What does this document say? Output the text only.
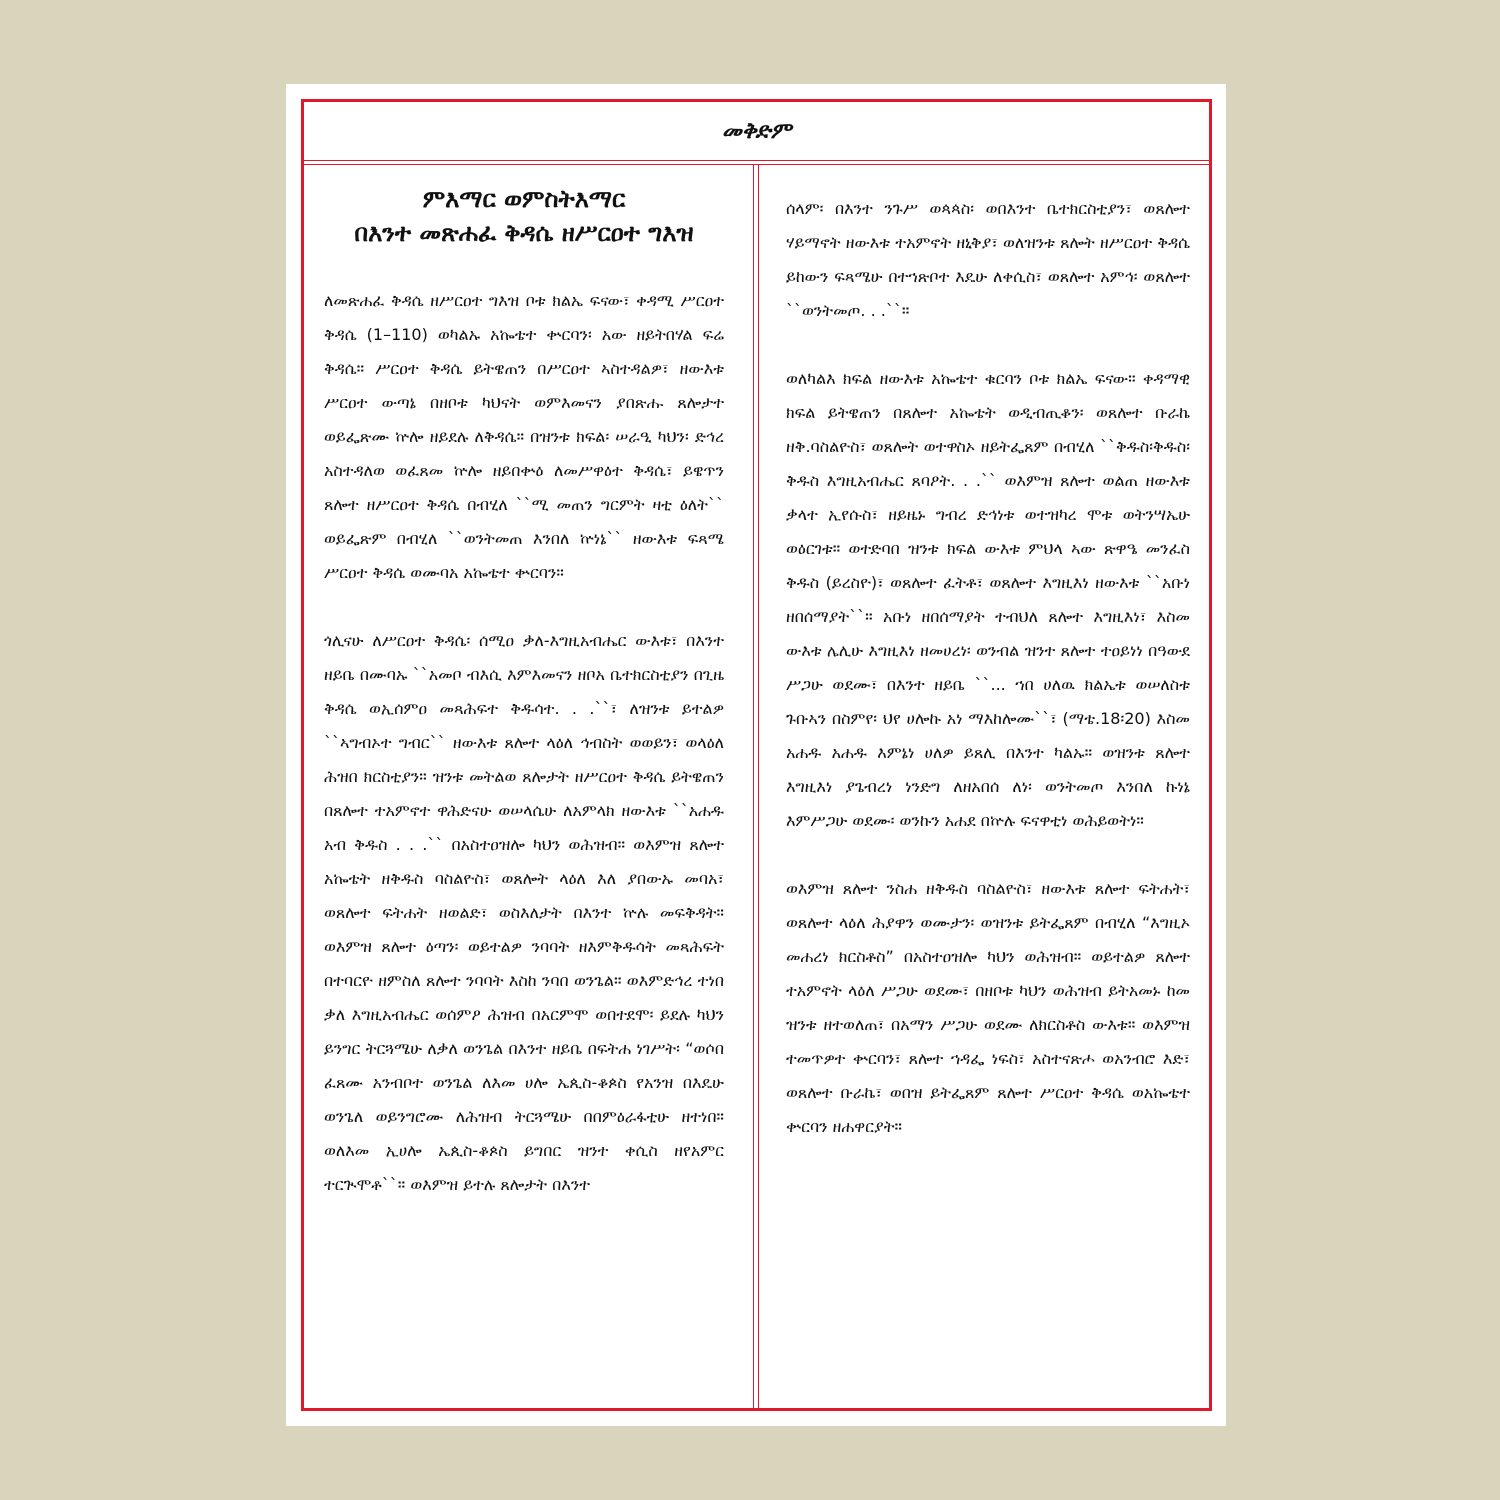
መቅድም
ምእማር ወምስትእማር
በእንተ መጽሐፈ ቅዳሴ ዘሥርዐተ ግእዝ

ለመጽሐፈ ቅዳሴ ዘሥርዐተ ግእዝ ቦቱ ክልኤ ፍናው፣ ቀዳሚ ሥርዐተ ቅዳሴ (1–110) ወካልኡ አኰቴተ ቍርባን፡ አው ዘይትበሃል ፍሬ ቅዳሴ። ሥርዐተ ቅዳሴ ይትዌጠን በሥርዐተ ኣስተዳልዎ፣ ዘውእቱ ሥርዐተ ውጣኔ በዘቦቱ ካህናት ወምእመናን ያበጽሑ ጸሎታተ ወይፌጽሙ ኵሎ ዘይደሉ ለቅዳሴ። በዝንቱ ክፍል፡ ሠራዒ ካህን፡ ድኅረ አስተዳለወ ወፈጸመ ኵሎ ዘይበቍዕ ለመሥዋዕተ ቅዳሴ፣ ይዌጥን ጸሎተ ዘሥርዐተ ቅዳሴ በብሂለ ``ሚ መጠን ግርምት ዛቲ ዕለት`` ወይፌጽም በብሂለ ``ወንትመጠ እንበለ ኵነኔ`` ዘውእቱ ፍጻሜ ሥርዐተ ቅዳሴ ወሙባአ አኰቴተ ቍርባን።

ጎሊናሁ ለሥርዐተ ቅዳሴ፡ ሰሚዐ ቃለ-እግዚአብሔር ውእቱ፣ በእንተ ዘይቤ በሙባኡ ``አመቦ ብእሲ እምእመናን ዘቦአ ቤተክርስቲያን በጊዜ ቅዳሴ ወኢሰምዐ መጻሕፍተ ቅዱሳተ. . .``፣ ለዝንቱ ይተልዎ ``ኣግብኦተ ግብር`` ዘውእቱ ጸሎተ ላዕለ ኅብስት ወወይን፣ ወላዕለ ሕዝበ ክርስቲያን። ዝንቱ መትልወ ጸሎታት ዘሥርዐተ ቅዳሴ ይትዌጠን በጸሎተ ተአምኖተ ዋሕድናሁ ወሠላሴሁ ለአምላክ ዘውእቱ ``አሐዱ አብ ቅዱስ . . .`` በአስተዐዝሎ ካህን ወሕዝብ። ወእምዝ ጸሎተ አኰቴት ዘቅዱስ ባስልዮስ፣ ወጸሎት ላዕለ እለ ያበውኡ መባአ፣ ወጸሎተ ፍትሐት ዘወልድ፣ ወስእለታት በእንተ ኵሉ መፍቅዳት። ወእምዝ ጸሎተ ዕጣን፡ ወይተልዎ ንባባት ዘእምቅዱሳት መጻሕፍት በተባርዮ ዘምስለ ጸሎተ ንባባት እስከ ንባበ ወንጌል። ወእምድኅረ ተነበ ቃለ እግዚአብሔር ወሰምዖ ሕዝብ በአርምሞ ወበተደሞ፡ ይደሉ ካህን ይንግር ትርጓሜሁ ለቃለ ወንጌል በእንተ ዘይቤ በፍትሐ ነገሥት፡ “ወሶበ ፈጸሙ አንብቦተ ወንጌል ለእመ ሀሎ ኤጲስ-ቆጶስ የአንዝ በእዴሁ ወንጌለ ወይንግሮሙ ለሕዝብ ትርጓሜሁ በበምዕራፋቲሁ ዘተነበ። ወለእመ ኢሀሎ ኤጲስ-ቆጶስ ይግበር ዝንተ ቀሲስ ዘየአምር ተርጒሞቶ``። ወእምዝ ይተሉ ጸሎታት በእንተ

ሰላም፡ በእንተ ንጉሥ ወጳጳስ፡ ወበእንተ ቤተክርስቲያን፣ ወጸሎተ ሃይማኖት ዘውእቱ ተአምኖት ዘኒቅያ፣ ወለዝንቱ ጸሎት ዘሥርዐተ ቅዳሴ ይከውን ፍጻሜሁ በተኀጽቦተ እዴሁ ለቀሲስ፣ ወጸሎተ አምኅ፡ ወጸሎተ ``ወንትመጦ. . .``።

ወለካልእ ክፍል ዘውእቱ አኰቴተ ቁርባን ቦቱ ክልኤ ፍናው። ቀዳማዊ ክፍል ይትዌጠን በጸሎተ አኰቴት ወዲብጢቆን፡ ወጸሎተ ቡራኬ ዘቅ.ባስልዮስ፣ ወጸሎት ወተዋስኦ ዘይትፌጸም በብሂለ ``ቅዱስ፡ቅዱስ፡ ቅዱስ እግዚአብሔር ጸባዖት. . .`` ወእምዝ ጸሎተ ወልጠ ዘውእቱ ቃላተ ኢየሱስ፣ ዘይዜኑ ግብረ ድኅነቱ ወተዝካረ ሞቱ ወትንሣኤሁ ወዕርገቱ። ወተድባበ ዝንቱ ክፍል ውእቱ ምህላ ኣው ጽዋዔ መንፈስ ቅዱስ (ይረስዮ)፣ ወጸሎተ ፈትቶ፣ ወጸሎተ እግዚእነ ዘውእቱ ``አቡነ ዘበሰማያት``። አቡነ ዘበሰማያት ተብህለ ጸሎተ እግዚእነ፣ እስመ ውእቱ ሌሊሁ እግዚእነ ዘመሀረነ፡ ወንብል ዝንተ ጸሎተ ተዐይነነ በዓውደ ሥጋሁ ወደሙ፣ በእንተ ዘይቤ ``... ኀበ ሀለዉ ክልኤቱ ወሠለስቱ ጉቡኣን በስምየ፡ ህየ ሀሎኩ አነ ማእከሎሙ``፣ (ማቴ.18፡20) እስመ አሐዱ አሐዱ እምኔነ ሀለዎ ይጸሊ በእንተ ካልኡ። ወዝንቱ ጸሎተ እግዚእነ ያጌብረነ ነንድግ ለዘአበሰ ለነ፡ ወንትመጦ እንበለ ኩነኔ እምሥጋሁ ወደሙ፡ ወንኩን አሐደ በኵሉ ፍናዋቲነ ወሕይወትነ።

ወእምዝ ጸሎተ ንስሐ ዘቅዱስ ባስልዮስ፣ ዘውእቱ ጸሎተ ፍትሐት፣ ወጸሎተ ላዕለ ሕያዋን ወሙታን፡ ወዝንቱ ይትፌጸም በብሂለ “እግዚኦ መሐረነ ክርስቶስ” በአስተዐዝሎ ካህን ወሕዝብ። ወይተልዎ ጸሎተ ተአምኖት ላዕለ ሥጋሁ ወደሙ፣ በዘቦቱ ካህን ወሕዝብ ይትአመኑ ከመ ዝንቱ ዘተወለጠ፣ በአማን ሥጋሁ ወደሙ ለክርስቶስ ውእቱ። ወእምዝ ተመጥዎተ ቍርባን፣ ጸሎተ ኀዳፌ ነፍስ፣ አስተናጽሖ ወአንብሮ እድ፣ ወጸሎተ ቡራኬ፣ ወበዝ ይትፌጸም ጸሎተ ሥርዐተ ቅዳሴ ወአኰቴተ ቍርባን ዘሐዋርያት።
